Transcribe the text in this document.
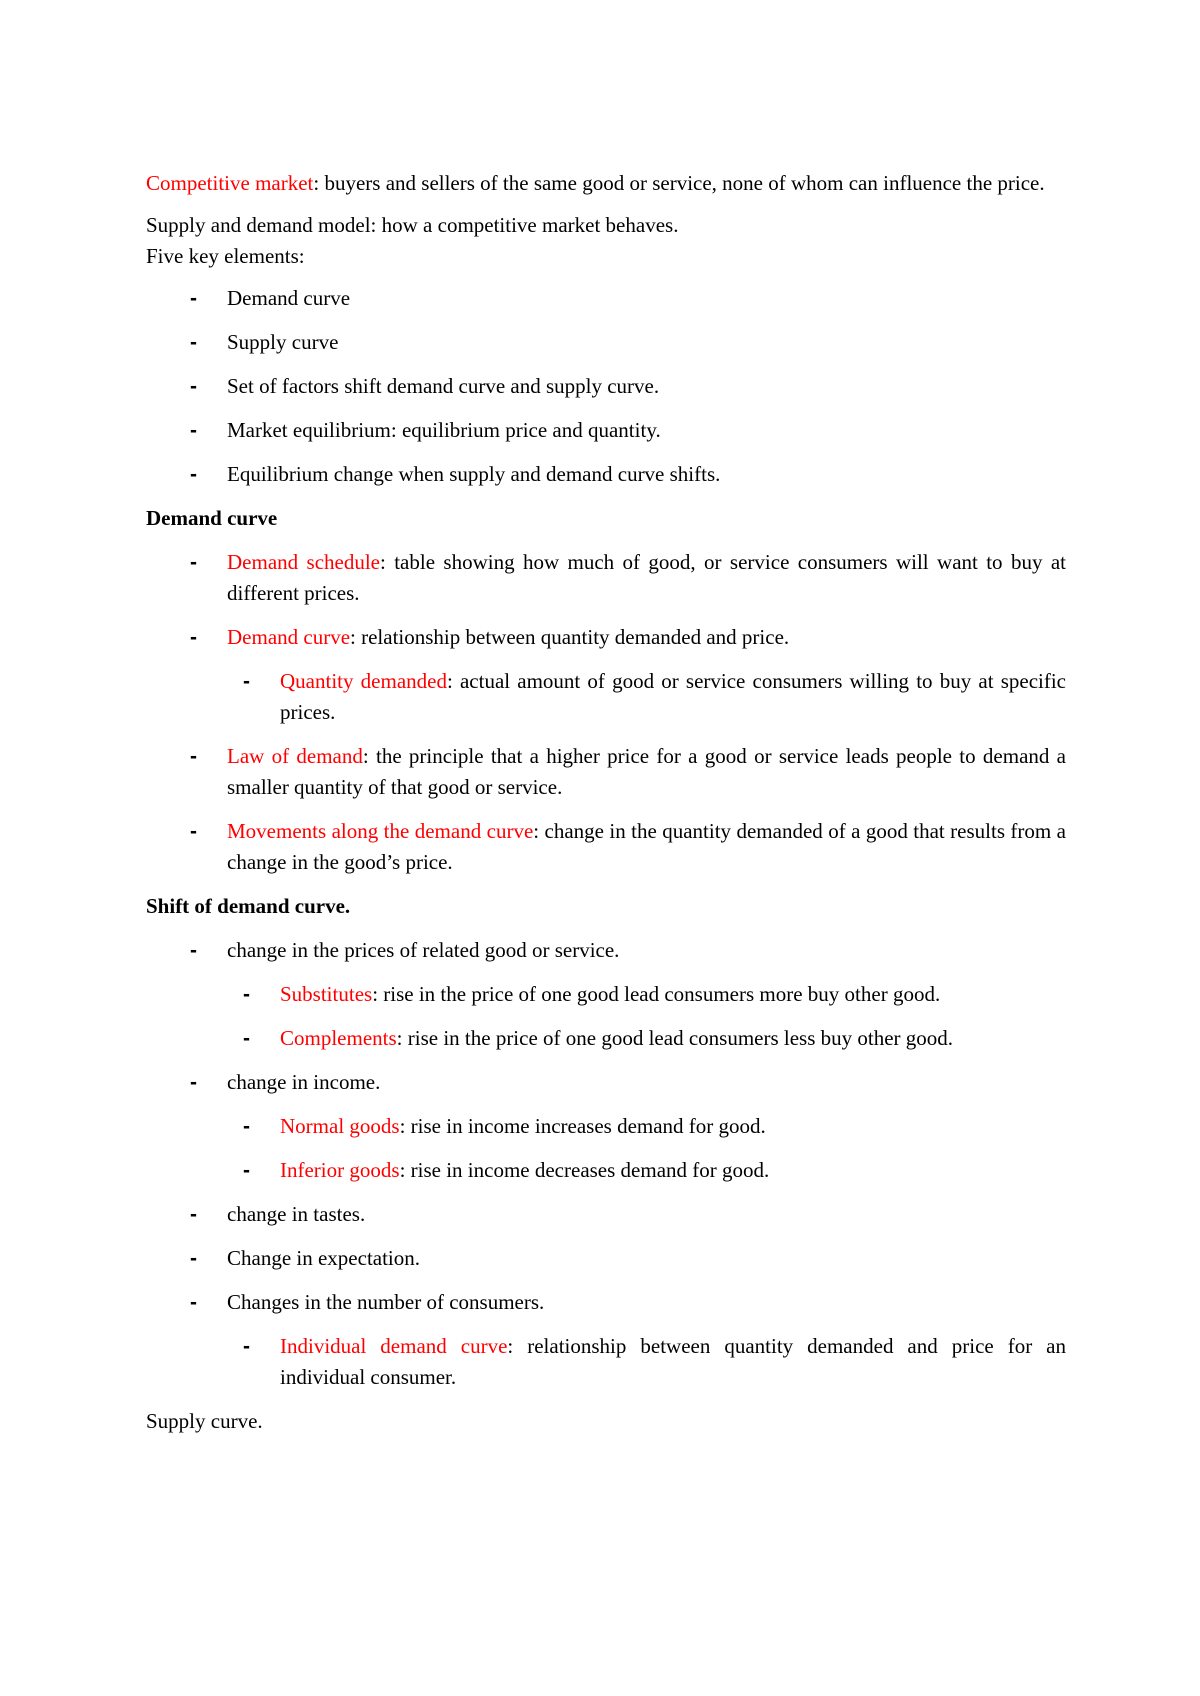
Competitive market: buyers and sellers of the same good or service, none of whom can influence the price.

Supply and demand model: how a competitive market behaves.

Five key elements:

- Demand curve
- Supply curve
- Set of factors shift demand curve and supply curve.
- Market equilibrium: equilibrium price and quantity.
- Equilibrium change when supply and demand curve shifts.

Demand curve

- Demand schedule: table showing how much of good, or service consumers will want to buy at different prices.
- Demand curve: relationship between quantity demanded and price.
- Quantity demanded: actual amount of good or service consumers willing to buy at specific prices.
- Law of demand: the principle that a higher price for a good or service leads people to demand a smaller quantity of that good or service.
- Movements along the demand curve: change in the quantity demanded of a good that results from a change in the good’s price.

Shift of demand curve.

- change in the prices of related good or service.
- Substitutes: rise in the price of one good lead consumers more buy other good.
- Complements: rise in the price of one good lead consumers less buy other good.
- change in income.
- Normal goods: rise in income increases demand for good.
- Inferior goods: rise in income decreases demand for good.
- change in tastes.
- Change in expectation.
- Changes in the number of consumers.
- Individual demand curve: relationship between quantity demanded and price for an individual consumer.

Supply curve.
